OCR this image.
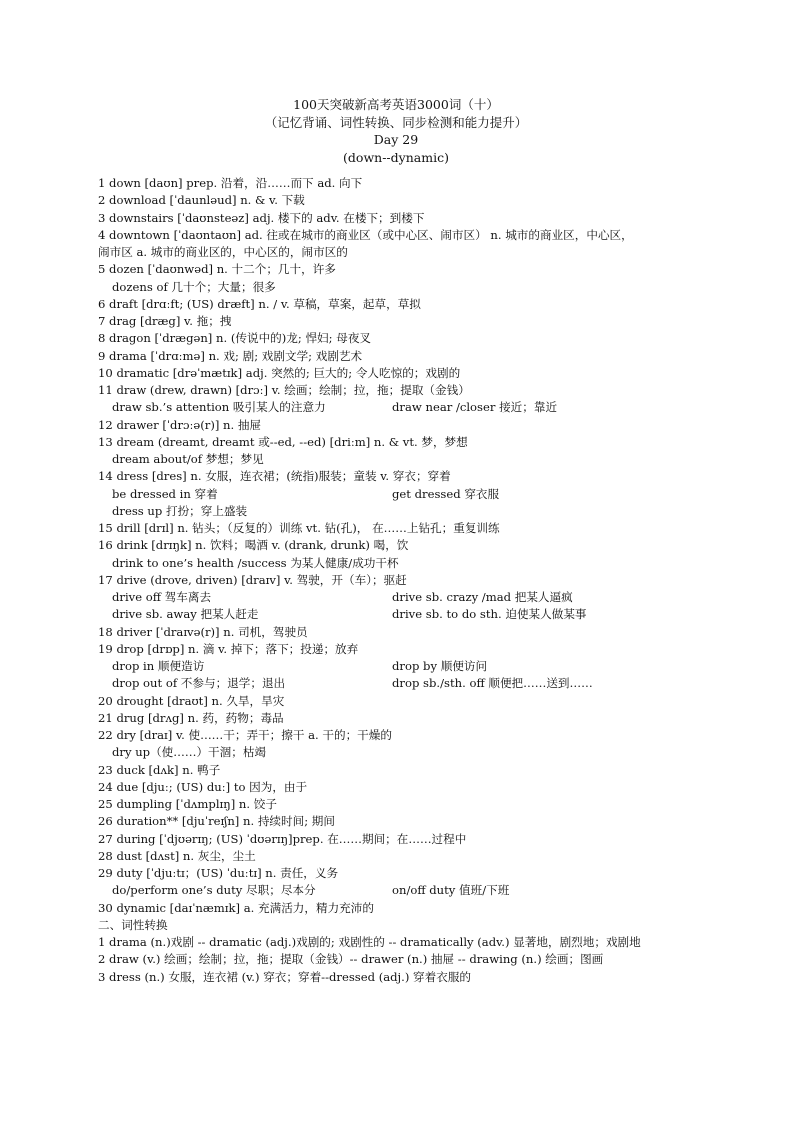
100天突破新高考英语3000词（十）
（记忆背诵、词性转换、同步检测和能力提升）
Day 29
(down--dynamic)
1 down [daʊn] prep. 沿着，沿……而下 ad. 向下
2 download [ˈdaunləud] n. & v. 下载
3 downstairs [ˈdaʊnsteəz] adj. 楼下的 adv. 在楼下；到楼下
4 downtown [ˈdaʊntaʊn] ad. 往或在城市的商业区（或中心区、闹市区） n. 城市的商业区，中心区，
闹市区 a. 城市的商业区的，中心区的，闹市区的
5 dozen [ˈdaʊnwəd] n. 十二个；几十，许多
dozens of 几十个；大量；很多
6 draft [drɑːft; (US) dræft] n. / v. 草稿，草案，起草，草拟
7 drag [dræg] v. 拖；拽
8 dragon [ˈdrægən] n. (传说中的)龙; 悍妇; 母夜叉
9 drama [ˈdrɑːmə] n. 戏; 剧; 戏剧文学; 戏剧艺术
10 dramatic [drəˈmætɪk] adj. 突然的; 巨大的; 令人吃惊的；戏剧的
11 draw (drew, drawn) [drɔː] v. 绘画；绘制；拉，拖；提取（金钱）
draw sb.’s attention 吸引某人的注意力	draw near /closer 接近；靠近
12 drawer [ˈdrɔːə(r)] n. 抽屉
13 dream (dreamt, dreamt 或--ed, --ed) [driːm] n. & vt. 梦，梦想
dream about/of 梦想；梦见
14 dress [dres] n. 女服，连衣裙；(统指)服装；童装 v. 穿衣；穿着
be dressed in 穿着	get dressed 穿衣服
dress up 打扮；穿上盛装
15 drill [drɪl] n. 钻头；（反复的）训练 vt. 钻(孔)， 在……上钻孔；重复训练
16 drink [drɪŋk] n. 饮料；喝酒 v. (drank, drunk) 喝，饮
drink to one’s health /success 为某人健康/成功干杯
17 drive (drove, driven) [draɪv] v. 驾驶，开（车）；驱赶
drive off 驾车离去	drive sb. crazy /mad 把某人逼疯
drive sb. away 把某人赶走	drive sb. to do sth. 迫使某人做某事
18 driver [ˈdraɪvə(r)] n. 司机，驾驶员
19 drop [drɒp] n. 滴 v. 掉下；落下；投递；放弃
drop in 顺便造访	drop by 顺便访问
drop out of 不参与；退学；退出	drop sb./sth. off 顺便把……送到……
20 drought [draʊt] n. 久旱，旱灾
21 drug [drʌg] n. 药，药物；毒品
22 dry [draɪ] v. 使……干；弄干；擦干 a. 干的；干燥的
dry up（使……）干涸；枯竭
23 duck [dʌk] n. 鸭子
24 due [djuː; (US) duː] to 因为，由于
25 dumpling [ˈdʌmplɪŋ] n. 饺子
26 duration** [djuˈreɪʃn] n. 持续时间; 期间
27 during [ˈdjʊərɪŋ; (US) ˈdʊərɪŋ]prep. 在……期间；在……过程中
28 dust [dʌst] n. 灰尘，尘土
29 duty [ˈdjuːtɪ；(US) ˈduːtɪ] n. 责任，义务
do/perform one’s duty 尽职；尽本分	on/off duty 值班/下班
30 dynamic [daɪˈnæmɪk] a. 充满活力，精力充沛的
二、词性转换
1 drama (n.)戏剧 -- dramatic (adj.)戏剧的; 戏剧性的 -- dramatically (adv.) 显著地，剧烈地；戏剧地
2 draw (v.) 绘画；绘制；拉，拖；提取（金钱）-- drawer (n.) 抽屉 -- drawing (n.) 绘画；图画
3 dress (n.) 女服，连衣裙 (v.) 穿衣；穿着--dressed (adj.) 穿着衣服的
